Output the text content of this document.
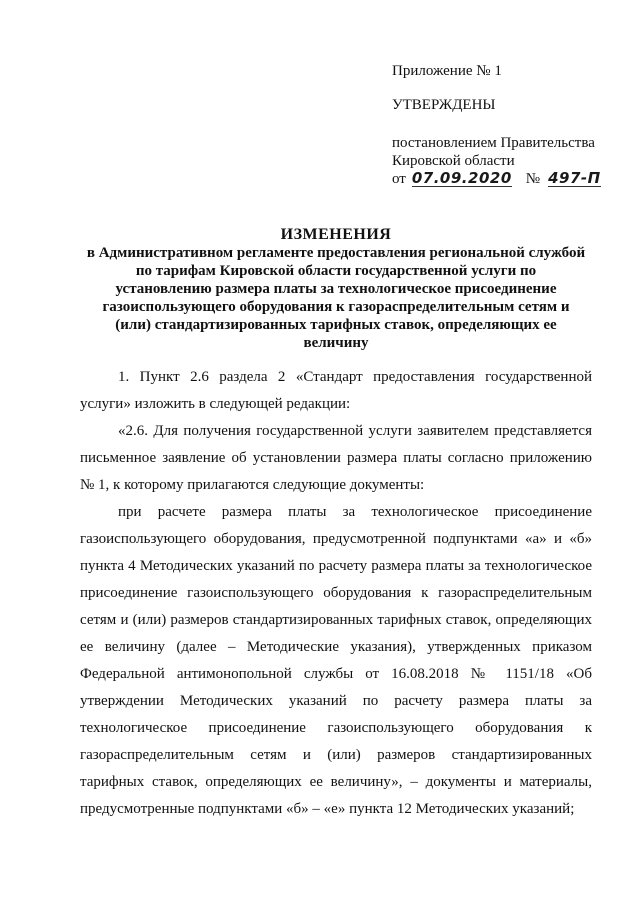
Приложение № 1
УТВЕРЖДЕНЫ
постановлением Правительства
Кировской области
от 07.09.2020 № 497-П
ИЗМЕНЕНИЯ
в Административном регламенте предоставления региональной службой
по тарифам Кировской области государственной услуги по
установлению размера платы за технологическое присоединение
газоиспользующего оборудования к газораспределительным сетям и
(или) стандартизированных тарифных ставок, определяющих ее
величину

1. Пункт 2.6 раздела 2 «Стандарт предоставления государственной услуги» изложить в следующей редакции:

«2.6. Для получения государственной услуги заявителем представляется письменное заявление об установлении размера платы согласно приложению № 1, к которому прилагаются следующие документы:

при расчете размера платы за технологическое присоединение газоиспользующего оборудования, предусмотренной подпунктами «а» и «б» пункта 4 Методических указаний по расчету размера платы за технологическое присоединение газоиспользующего оборудования к газораспределительным сетям и (или) размеров стандартизированных тарифных ставок, определяющих ее величину (далее – Методические указания), утвержденных приказом Федеральной антимонопольной службы от 16.08.2018 № 1151/18 «Об утверждении Методических указаний по расчету размера платы за технологическое присоединение газоиспользующего оборудования к газораспределительным сетям и (или) размеров стандартизированных тарифных ставок, определяющих ее величину», – документы и материалы, предусмотренные подпунктами «б» – «е» пункта 12 Методических указаний;
